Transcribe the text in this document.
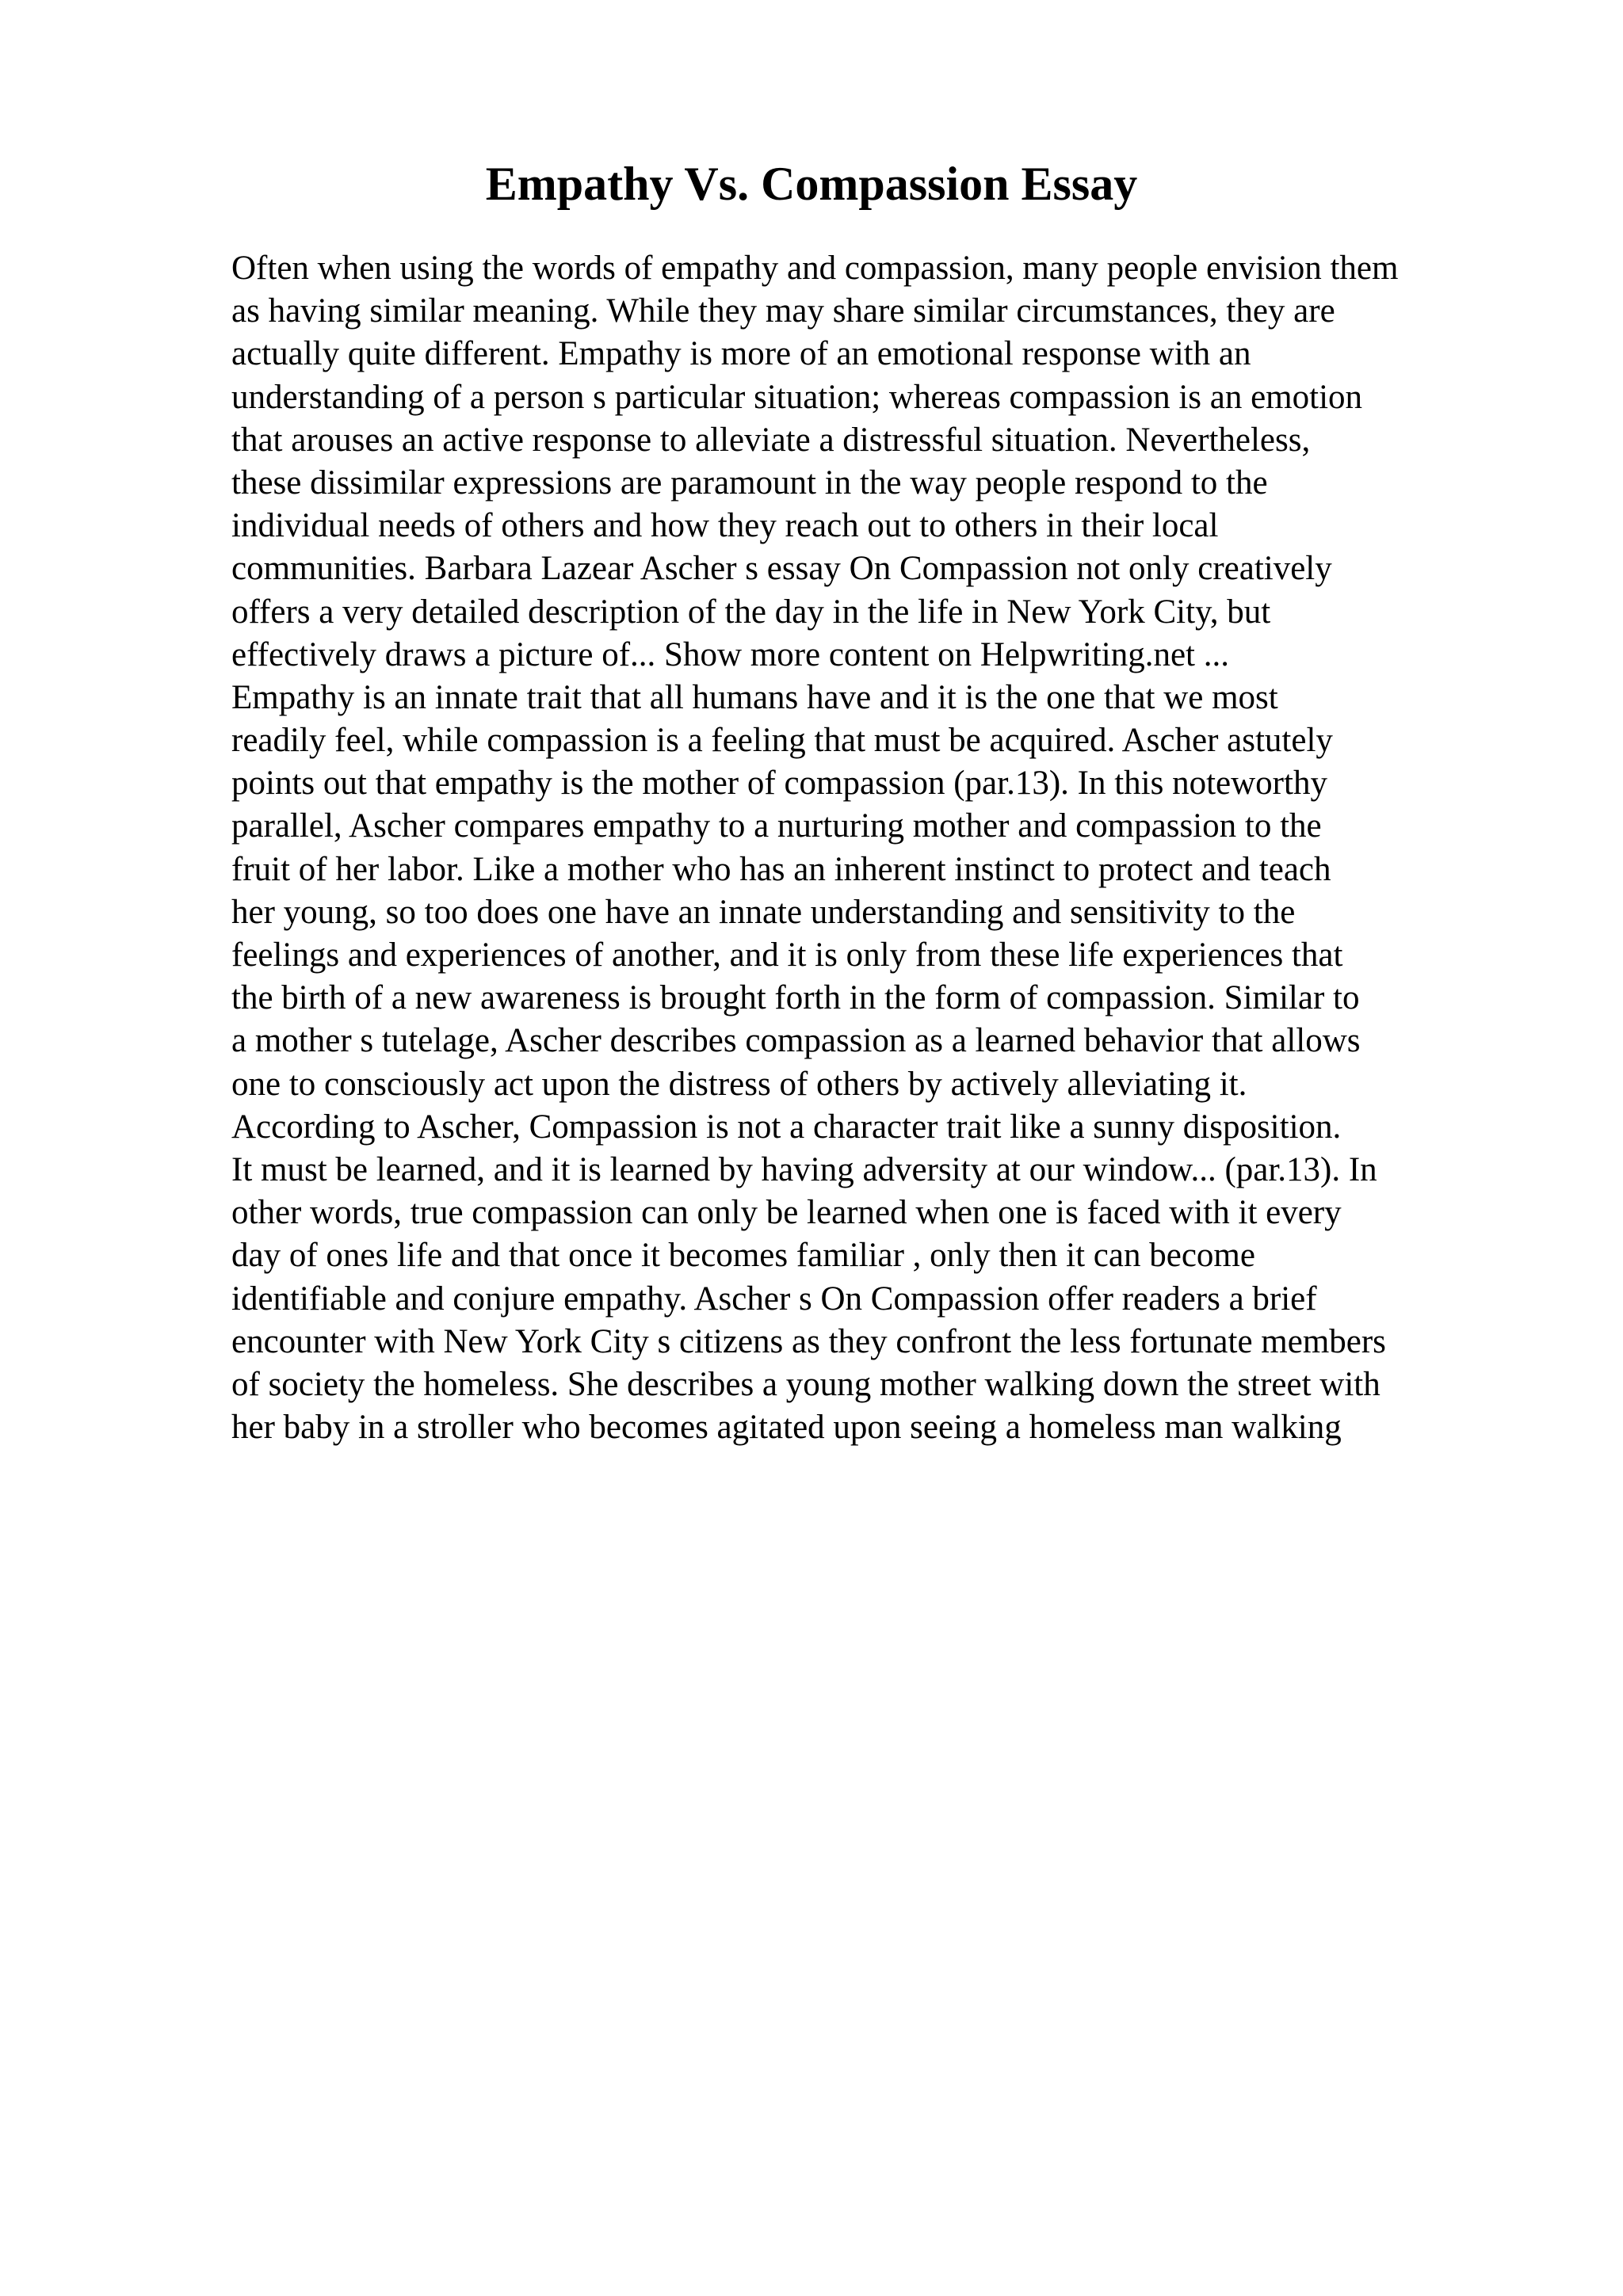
Empathy Vs. Compassion Essay
Often when using the words of empathy and compassion, many people envision them
as having similar meaning. While they may share similar circumstances, they are
actually quite different. Empathy is more of an emotional response with an
understanding of a person s particular situation; whereas compassion is an emotion
that arouses an active response to alleviate a distressful situation. Nevertheless,
these dissimilar expressions are paramount in the way people respond to the
individual needs of others and how they reach out to others in their local
communities. Barbara Lazear Ascher s essay On Compassion not only creatively
offers a very detailed description of the day in the life in New York City, but
effectively draws a picture of... Show more content on Helpwriting.net ...
Empathy is an innate trait that all humans have and it is the one that we most
readily feel, while compassion is a feeling that must be acquired. Ascher astutely
points out that empathy is the mother of compassion (par.13). In this noteworthy
parallel, Ascher compares empathy to a nurturing mother and compassion to the
fruit of her labor. Like a mother who has an inherent instinct to protect and teach
her young, so too does one have an innate understanding and sensitivity to the
feelings and experiences of another, and it is only from these life experiences that
the birth of a new awareness is brought forth in the form of compassion. Similar to
a mother s tutelage, Ascher describes compassion as a learned behavior that allows
one to consciously act upon the distress of others by actively alleviating it.
According to Ascher, Compassion is not a character trait like a sunny disposition.
It must be learned, and it is learned by having adversity at our window... (par.13). In
other words, true compassion can only be learned when one is faced with it every
day of ones life and that once it becomes familiar , only then it can become
identifiable and conjure empathy. Ascher s On Compassion offer readers a brief
encounter with New York City s citizens as they confront the less fortunate members
of society the homeless. She describes a young mother walking down the street with
her baby in a stroller who becomes agitated upon seeing a homeless man walking
